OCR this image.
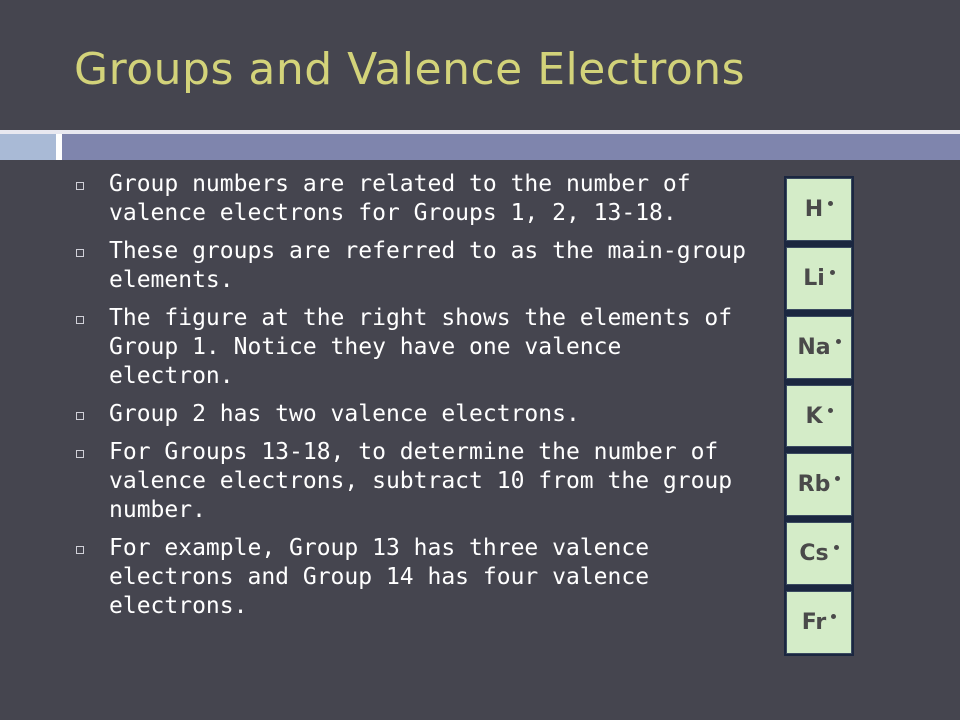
Groups and Valence Electrons
Group numbers are related to the number of valence electrons for Groups 1, 2, 13-18.
These groups are referred to as the main-group elements.
The figure at the right shows the elements of Group 1. Notice they have one valence electron.
Group 2 has two valence electrons.
For Groups 13-18, to determine the number of valence electrons, subtract 10 from the group number.
For example, Group 13 has three valence electrons and Group 14 has four valence electrons.
H
Li
Na
K
Rb
Cs
Fr
